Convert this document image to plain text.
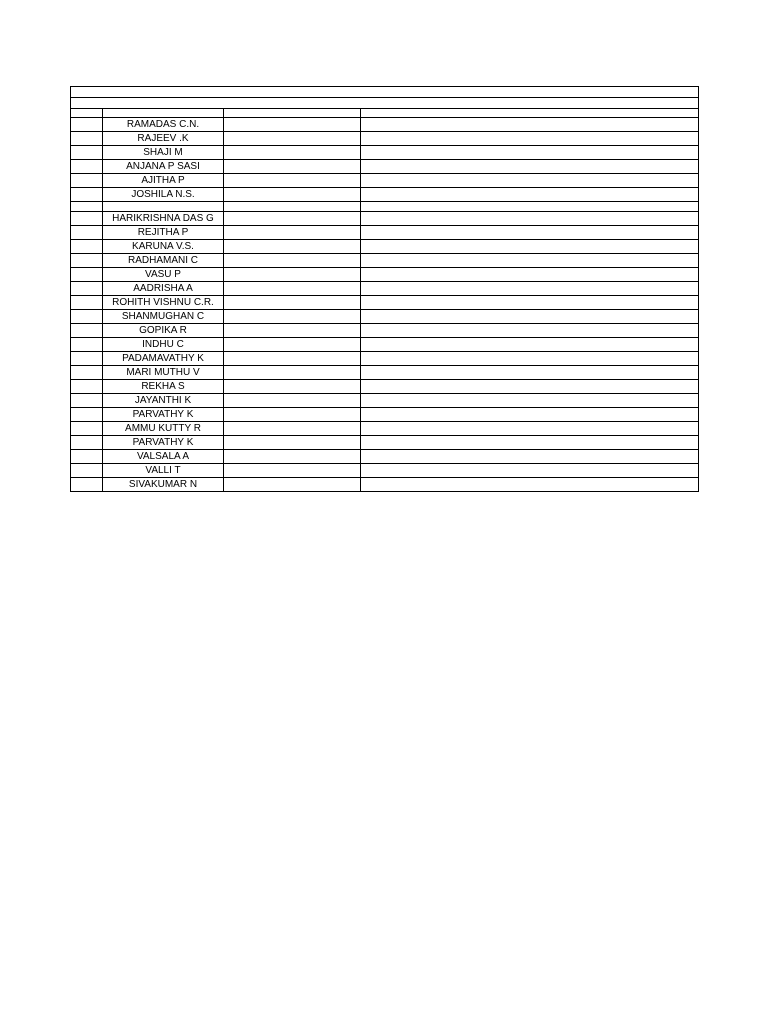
	RAMADAS C.N.		
	RAJEEV .K		
	SHAJI M		
	ANJANA P SASI		
	AJITHA P		
	JOSHILA N.S.		

	HARIKRISHNA DAS G		
	REJITHA P		
	KARUNA V.S.		
	RADHAMANI C		
	VASU P		
	AADRISHA A		
	ROHITH VISHNU C.R.		
	SHANMUGHAN C		
	GOPIKA R		
	INDHU C		
	PADAMAVATHY K		
	MARI MUTHU V		
	REKHA S		
	JAYANTHI K		
	PARVATHY K		
	AMMU KUTTY R		
	PARVATHY K		
	VALSALA A		
	VALLI T		
	SIVAKUMAR N		
